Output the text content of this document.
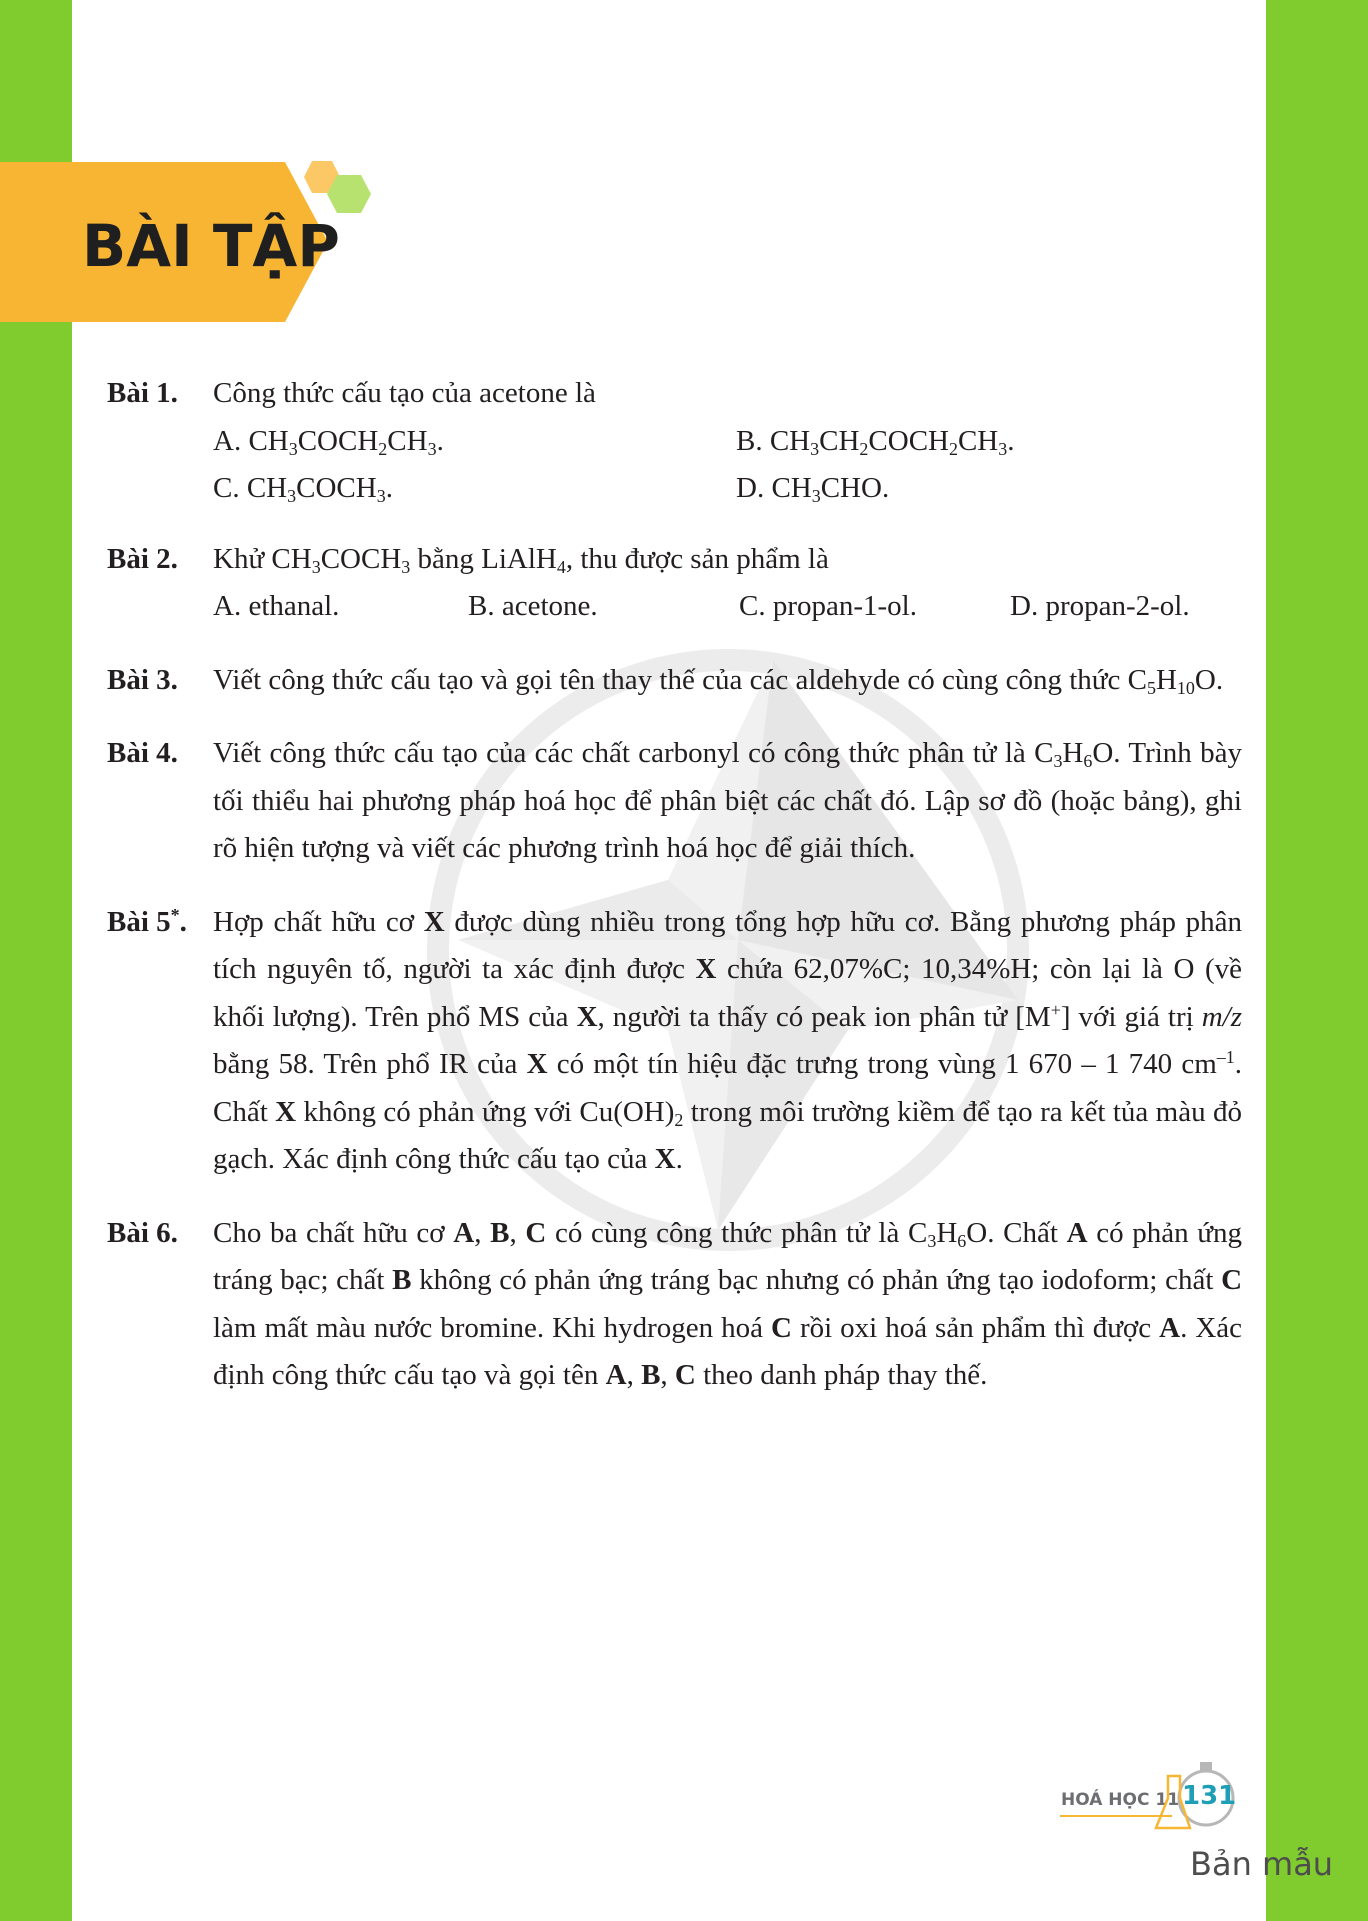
BÀI TẬP
Bài 1. Công thức cấu tạo của acetone là
A. $CH_3COCH_2CH_3$.	B. $CH_3CH_2COCH_2CH_3$.
C. $CH_3COCH_3$.	D. $CH_3CHO$.
Bài 2. Khử $CH_3COCH_3$ bằng LiAlH$_4$, thu được sản phẩm là
A. ethanal.	B. acetone.	C. propan-1-ol.	D. propan-2-ol.
Bài 3. Viết công thức cấu tạo và gọi tên thay thế của các aldehyde có cùng công thức $C_5H_{10}O$.
Bài 4. Viết công thức cấu tạo của các chất carbonyl có công thức phân tử là $C_3H_6O$. Trình bày tối thiểu hai phương pháp hoá học để phân biệt các chất đó. Lập sơ đồ (hoặc bảng), ghi rõ hiện tượng và viết các phương trình hoá học để giải thích.
Bài 5*. Hợp chất hữu cơ X được dùng nhiều trong tổng hợp hữu cơ. Bằng phương pháp phân tích nguyên tố, người ta xác định được X chứa 62,07%C; 10,34%H; còn lại là O (về khối lượng). Trên phổ MS của X, người ta thấy có peak ion phân tử [M+] với giá trị m/z bằng 58. Trên phổ IR của X có một tín hiệu đặc trưng trong vùng 1 670 – 1 740 $cm^{-1}$. Chất X không có phản ứng với $Cu(OH)_2$ trong môi trường kiềm để tạo ra kết tủa màu đỏ gạch. Xác định công thức cấu tạo của X.
Bài 6. Cho ba chất hữu cơ A, B, C có cùng công thức phân tử là $C_3H_6O$. Chất A có phản ứng tráng bạc; chất B không có phản ứng tráng bạc nhưng có phản ứng tạo iodoform; chất C làm mất màu nước bromine. Khi hydrogen hoá C rồi oxi hoá sản phẩm thì được A. Xác định công thức cấu tạo và gọi tên A, B, C theo danh pháp thay thế.
HOÁ HỌC 11 131
Bản mẫu
